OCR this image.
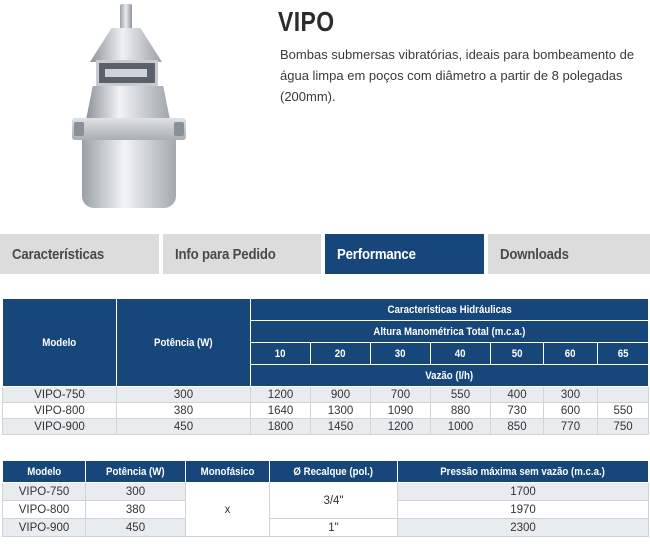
VIPO

Bombas submersas vibratórias, ideais para bombeamento de água limpa em poços com diâmetro a partir de 8 polegadas (200mm).

Características	Info para Pedido	Performance	Downloads
Modelo	Potência (W)	Características Hidráulicas						
		Altura Manométrica Total (m.c.a.)						
		10	20	30	40	50	60	65
		Vazão (l/h)						
VIPO-750	300	1200	900	700	550	400	300	
VIPO-800	380	1640	1300	1090	880	730	600	550
VIPO-900	450	1800	1450	1200	1000	850	770	750
Modelo	Potência (W)	Monofásico	Ø Recalque (pol.)	Pressão máxima sem vazão (m.c.a.)
VIPO-750	300	x	3/4"	1700
VIPO-800	380			1970
VIPO-900	450		1"	2300
